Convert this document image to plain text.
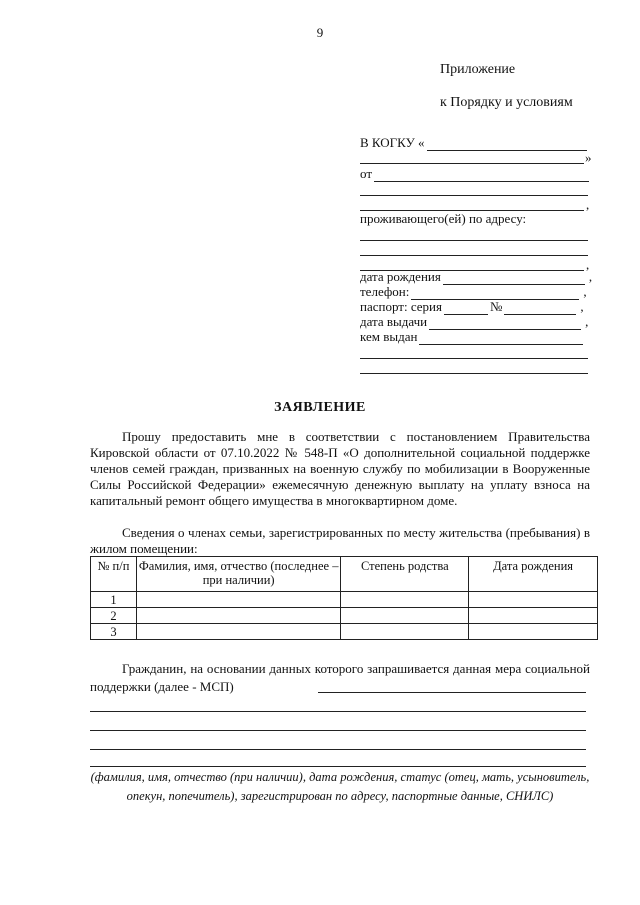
9
Приложение
к Порядку и условиям
В КОГКУ «
»
от
,
проживающего(ей) по адресу:
,
дата рождения	,
телефон:	,
паспорт: серия	№	,
дата выдачи	,
кем выдан
ЗАЯВЛЕНИЕ
Прошу предоставить мне в соответствии с постановлением Правительства Кировской области от 07.10.2022 № 548-П «О дополнительной социальной поддержке членов семей граждан, призванных на военную службу по мобилизации в Вооруженные Силы Российской Федерации» ежемесячную денежную выплату на уплату взноса на капитальный ремонт общего имущества в многоквартирном доме.
Сведения о членах семьи, зарегистрированных по месту жительства (пребывания) в жилом помещении:
№ п/п	Фамилия, имя, отчество (последнее – при наличии)	Степень родства	Дата рождения
1			
2			
3			
Гражданин, на основании данных которого запрашивается данная мера социальной поддержки (далее - МСП)
(фамилия, имя, отчество (при наличии), дата рождения, статус (отец, мать, усыновитель, опекун, попечитель), зарегистрирован по адресу, паспортные данные, СНИЛС)
